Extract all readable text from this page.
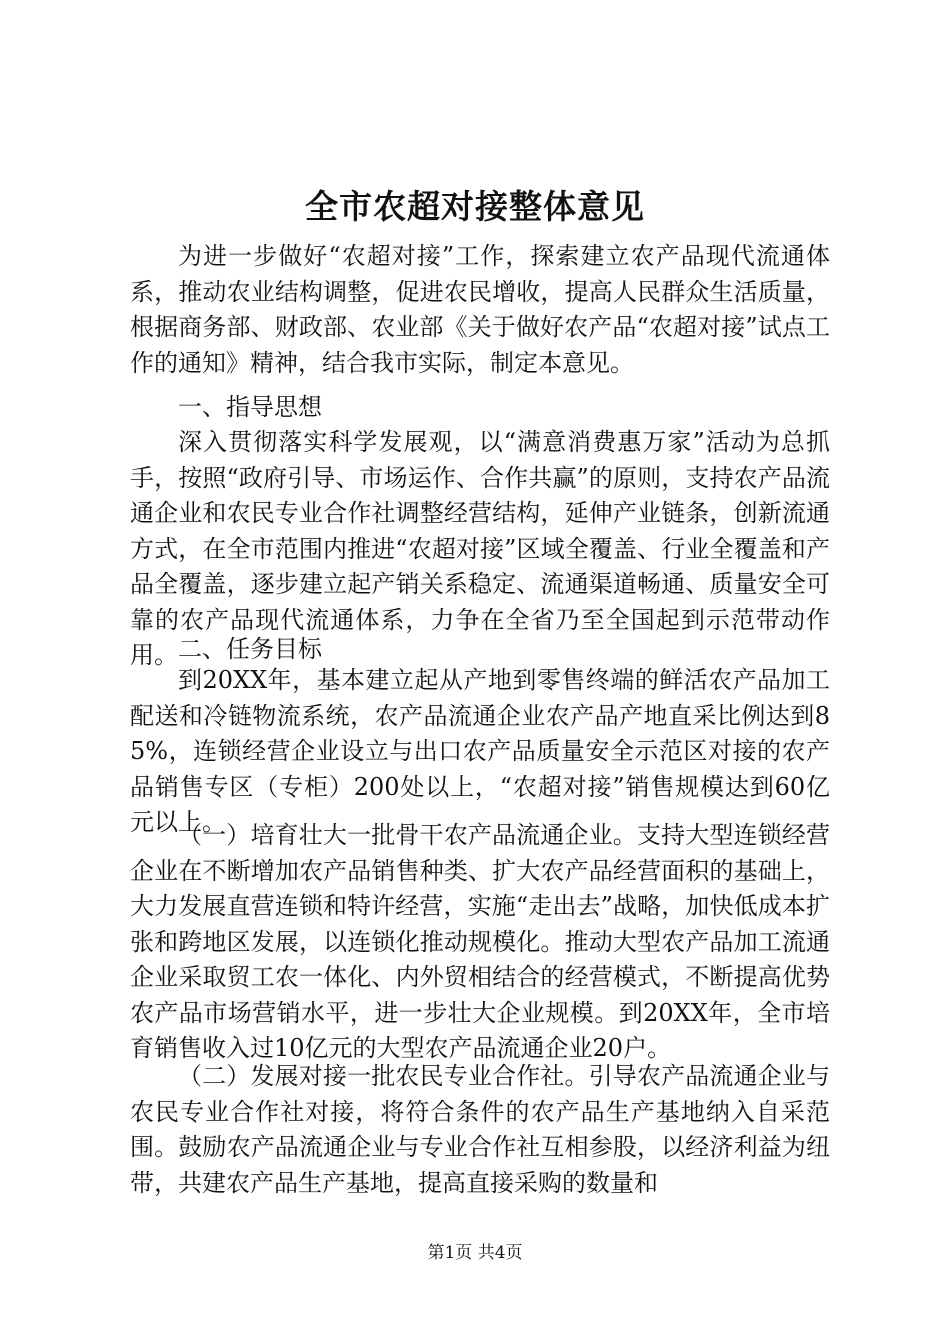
全市农超对接整体意见

为进一步做好“农超对接”工作，探索建立农产品现代流通体系，推动农业结构调整，促进农民增收，提高人民群众生活质量，根据商务部、财政部、农业部《关于做好农产品“农超对接”试点工作的通知》精神，结合我市实际，制定本意见。

一、指导思想

深入贯彻落实科学发展观，以“满意消费惠万家”活动为总抓手，按照“政府引导、市场运作、合作共赢”的原则，支持农产品流通企业和农民专业合作社调整经营结构，延伸产业链条，创新流通方式，在全市范围内推进“农超对接”区域全覆盖、行业全覆盖和产品全覆盖，逐步建立起产销关系稳定、流通渠道畅通、质量安全可靠的农产品现代流通体系，力争在全省乃至全国起到示范带动作用。 二、任务目标

到20XX年，基本建立起从产地到零售终端的鲜活农产品加工配送和冷链物流系统，农产品流通企业农产品产地直采比例达到85%，连锁经营企业设立与出口农产品质量安全示范区对接的农产品销售专区（专柜）200处以上，“农超对接”销售规模达到60亿元以上。

（一）培育壮大一批骨干农产品流通企业。支持大型连锁经营企业在不断增加农产品销售种类、扩大农产品经营面积的基础上，大力发展直营连锁和特许经营，实施“走出去”战略，加快低成本扩张和跨地区发展，以连锁化推动规模化。推动大型农产品加工流通企业采取贸工农一体化、内外贸相结合的经营模式，不断提高优势农产品市场营销水平，进一步壮大企业规模。到20XX年，全市培育销售收入过10亿元的大型农产品流通企业20户。

（二）发展对接一批农民专业合作社。引导农产品流通企业与农民专业合作社对接，将符合条件的农产品生产基地纳入自采范围。鼓励农产品流通企业与专业合作社互相参股，以经济利益为纽带，共建农产品生产基地，提高直接采购的数量和

第1页 共4页
